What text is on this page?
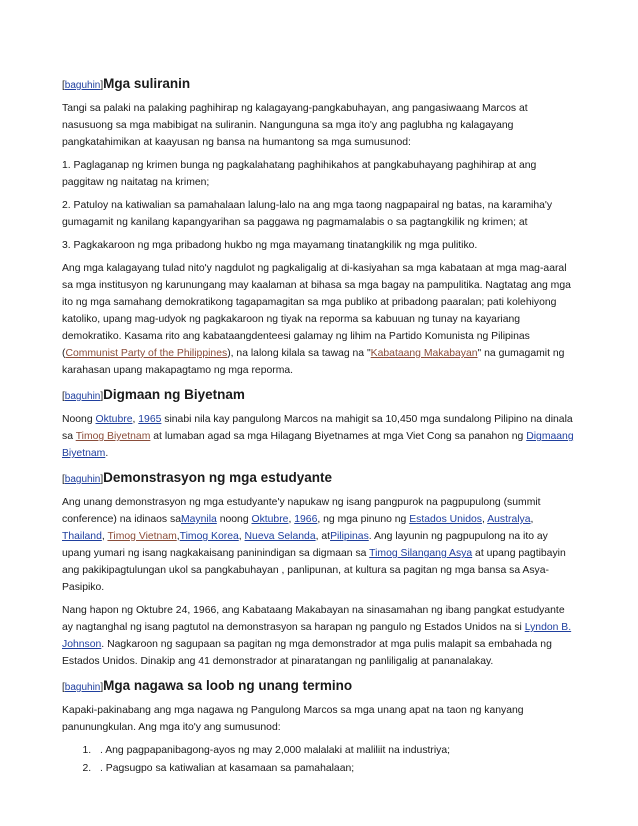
[baguhin]Mga suliranin

Tangi sa palaki na palaking paghihirap ng kalagayang-pangkabuhayan, ang pangasiwaang Marcos at nasusuong sa mga mabibigat na suliranin. Nangunguna sa mga ito'y ang paglubha ng kalagayang pangkatahimikan at kaayusan ng bansa na humantong sa mga sumusunod:

1. Paglaganap ng krimen bunga ng pagkalahatang paghihikahos at pangkabuhayang paghihirap at ang paggitaw ng naitatag na krimen;

2. Patuloy na katiwalian sa pamahalaan lalung-lalo na ang mga taong nagpapairal ng batas, na karamiha'y gumagamit ng kanilang kapangyarihan sa paggawa ng pagmamalabis o sa pagtangkilik ng krimen; at

3. Pagkakaroon ng mga pribadong hukbo ng mga mayamang tinatangkilik ng mga pulitiko.

Ang mga kalagayang tulad nito'y nagdulot ng pagkaligalig at di-kasiyahan sa mga kabataan at mga mag-aaral sa mga institusyon ng karunungang may kaalaman at bihasa sa mga bagay na pampulitika. Nagtatag ang mga ito ng mga samahang demokratikong tagapamagitan sa mga publiko at pribadong paaralan; pati kolehiyong katoliko, upang mag-udyok ng pagkakaroon ng tiyak na reporma sa kabuuan ng tunay na kayariang demokratiko. Kasama rito ang kabataangdenteesi galamay ng lihim na Partido Komunista ng Pilipinas (Communist Party of the Philippines), na lalong kilala sa tawag na "Kabataang Makabayan" na gumagamit ng karahasan upang makapagtamo ng mga reporma.

[baguhin]Digmaan ng Biyetnam

Noong Oktubre, 1965 sinabi nila kay pangulong Marcos na mahigit sa 10,450 mga sundalong Pilipino na dinala sa Timog Biyetnam at lumaban agad sa mga Hilagang Biyetnames at mga Viet Cong sa panahon ng Digmaang Biyetnam.

[baguhin]Demonstrasyon ng mga estudyante

Ang unang demonstrasyon ng mga estudyante'y napukaw ng isang pangpurok na pagpupulong (summit conference) na idinaos saMaynila noong Oktubre, 1966, ng mga pinuno ng Estados Unidos, Australya, Thailand, Timog Vietnam,Timog Korea, Nueva Selanda, atPilipinas. Ang layunin ng pagpupulong na ito ay upang yumari ng isang nagkakaisang paninindigan sa digmaan sa Timog Silangang Asya at upang pagtibayin ang pakikipagtulungan ukol sa pangkabuhayan , panlipunan, at kultura sa pagitan ng mga bansa sa Asya-Pasipiko.

Nang hapon ng Oktubre 24, 1966, ang Kabataang Makabayan na sinasamahan ng ibang pangkat estudyante ay nagtanghal ng isang pagtutol na demonstrasyon sa harapan ng pangulo ng Estados Unidos na si Lyndon B. Johnson. Nagkaroon ng sagupaan sa pagitan ng mga demonstrador at mga pulis malapit sa embahada ng Estados Unidos. Dinakip ang 41 demonstrador at pinaratangan ng panliligalig at pananalakay.

[baguhin]Mga nagawa sa loob ng unang termino

Kapaki-pakinabang ang mga nagawa ng Pangulong Marcos sa mga unang apat na taon ng kanyang panunungkulan. Ang mga ito'y ang sumusunod:

1. . Ang pagpapanibagong-ayos ng may 2,000 malalaki at maliliit na industriya;
2. . Pagsugpo sa katiwalian at kasamaan sa pamahalaan;
